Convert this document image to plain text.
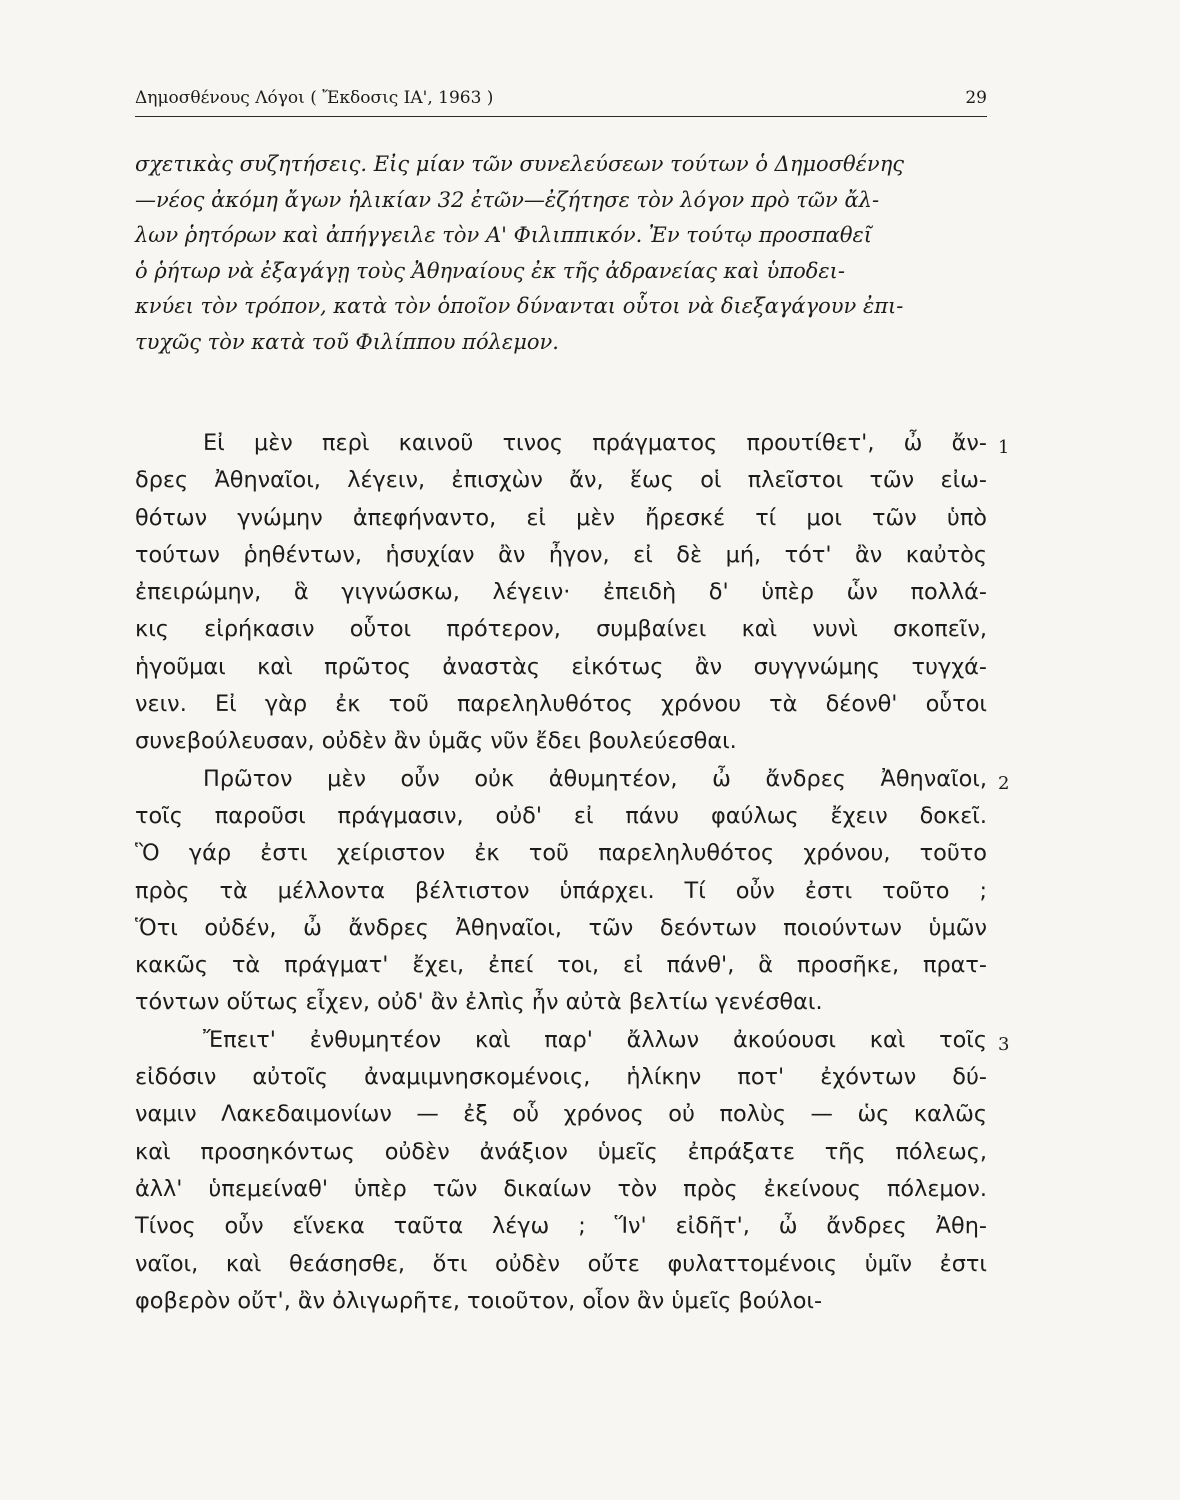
Δημοσθένους Λόγοι ( Ἔκδοσις ΙΑ', 1963 )	29
σχετικὰς συζητήσεις. Εἰς μίαν τῶν συνελεύσεων τούτων ὁ Δημοσθένης
—νέος ἀκόμη ἄγων ἡλικίαν 32 ἐτῶν—ἐζήτησε τὸν λόγον πρὸ τῶν ἄλ-
λων ῥητόρων καὶ ἀπήγγειλε τὸν Α' Φιλιππικόν. Ἐν τούτῳ προσπαθεῖ
ὁ ῥήτωρ νὰ ἐξαγάγῃ τοὺς Ἀθηναίους ἐκ τῆς ἀδρανείας καὶ ὑποδει-
κνύει τὸν τρόπον, κατὰ τὸν ὁποῖον δύνανται οὗτοι νὰ διεξαγάγουν ἐπι-
τυχῶς τὸν κατὰ τοῦ Φιλίππου πόλεμον.
Εἰ μὲν περὶ καινοῦ τινος πράγματος προυτίθετ', ὦ ἄν- 1
δρες Ἀθηναῖοι, λέγειν, ἐπισχὼν ἄν, ἕως οἱ πλεῖστοι τῶν εἰω-
θότων γνώμην ἀπεφήναντο, εἰ μὲν ἤρεσκέ τί μοι τῶν ὑπὸ
τούτων ῥηθέντων, ἡσυχίαν ἂν ἦγον, εἰ δὲ μή, τότ' ἂν καὐτὸς
ἐπειρώμην, ἃ γιγνώσκω, λέγειν· ἐπειδὴ δ' ὑπὲρ ὧν πολλά-
κις εἰρήκασιν οὗτοι πρότερον, συμβαίνει καὶ νυνὶ σκοπεῖν,
ἡγοῦμαι καὶ πρῶτος ἀναστὰς εἰκότως ἂν συγγνώμης τυγχά-
νειν. Εἰ γὰρ ἐκ τοῦ παρεληλυθότος χρόνου τὰ δέονθ' οὗτοι
συνεβούλευσαν, οὐδὲν ἂν ὑμᾶς νῦν ἔδει βουλεύεσθαι.
Πρῶτον μὲν οὖν οὐκ ἀθυμητέον, ὦ ἄνδρες Ἀθηναῖοι, 2
τοῖς παροῦσι πράγμασιν, οὐδ' εἰ πάνυ φαύλως ἔχειν δοκεῖ.
Ὃ γάρ ἐστι χείριστον ἐκ τοῦ παρεληλυθότος χρόνου, τοῦτο
πρὸς τὰ μέλλοντα βέλτιστον ὑπάρχει. Τί οὖν ἐστι τοῦτο ;
Ὅτι οὐδέν, ὦ ἄνδρες Ἀθηναῖοι, τῶν δεόντων ποιούντων ὑμῶν
κακῶς τὰ πράγματ' ἔχει, ἐπεί τοι, εἰ πάνθ', ἃ προσῆκε, πρατ-
τόντων οὕτως εἶχεν, οὐδ' ἂν ἐλπὶς ἦν αὐτὰ βελτίω γενέσθαι.
Ἔπειτ' ἐνθυμητέον καὶ παρ' ἄλλων ἀκούουσι καὶ τοῖς 3
εἰδόσιν αὐτοῖς ἀναμιμνησκομένοις, ἡλίκην ποτ' ἐχόντων δύ-
ναμιν Λακεδαιμονίων — ἐξ οὗ χρόνος οὐ πολὺς — ὡς καλῶς
καὶ προσηκόντως οὐδὲν ἀνάξιον ὑμεῖς ἐπράξατε τῆς πόλεως,
ἀλλ' ὑπεμείναθ' ὑπὲρ τῶν δικαίων τὸν πρὸς ἐκείνους πόλεμον.
Τίνος οὖν εἵνεκα ταῦτα λέγω ; Ἵν' εἰδῆτ', ὦ ἄνδρες Ἀθη-
ναῖοι, καὶ θεάσησθε, ὅτι οὐδὲν οὔτε φυλαττομένοις ὑμῖν ἐστι
φοβερὸν οὔτ', ἂν ὀλιγωρῆτε, τοιοῦτον, οἷον ἂν ὑμεῖς βούλοι-
